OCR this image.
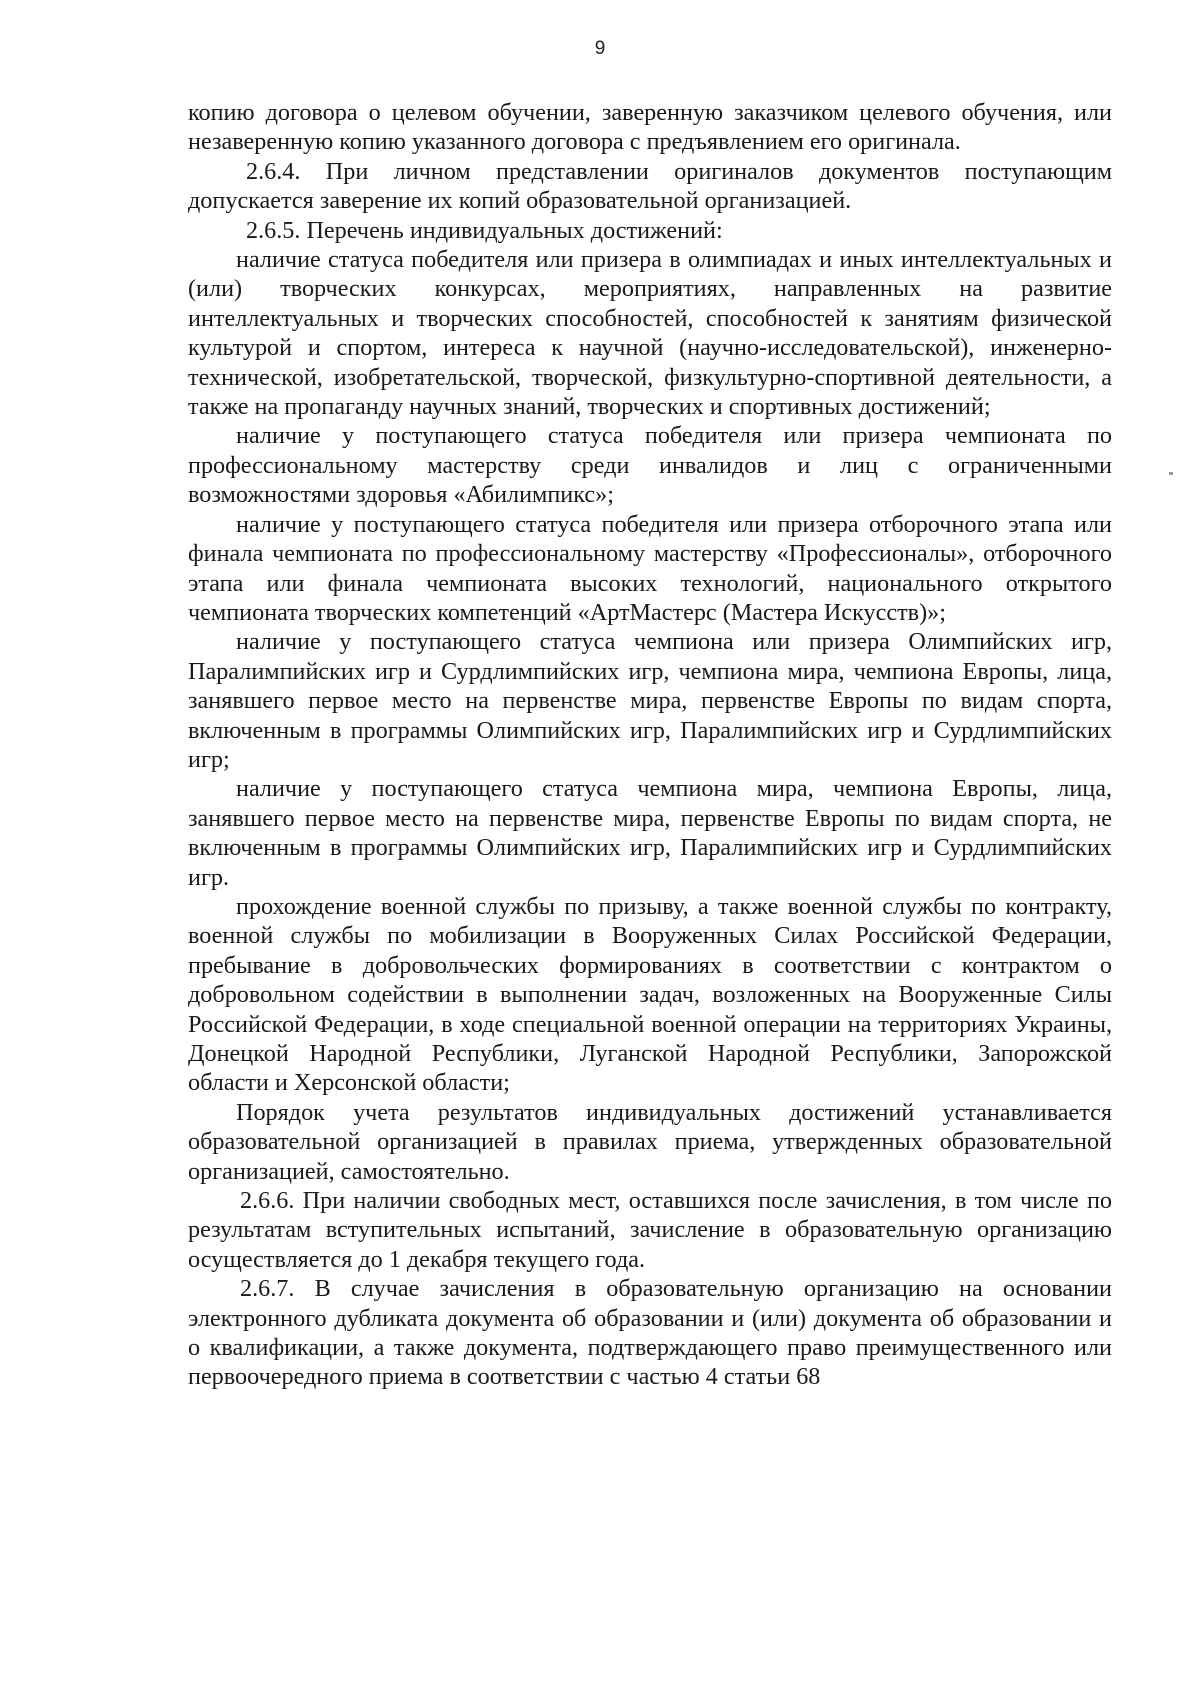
9

копию договора о целевом обучении, заверенную заказчиком целевого обучения, или незаверенную копию указанного договора с предъявлением его оригинала.

2.6.4. При личном представлении оригиналов документов поступающим допускается заверение их копий образовательной организацией.

2.6.5. Перечень индивидуальных достижений:

наличие статуса победителя или призера в олимпиадах и иных интеллектуальных и (или) творческих конкурсах, мероприятиях, направленных на развитие интеллектуальных и творческих способностей, способностей к занятиям физической культурой и спортом, интереса к научной (научно-исследовательской), инженерно-технической, изобретательской, творческой, физкультурно-спортивной деятельности, а также на пропаганду научных знаний, творческих и спортивных достижений;

наличие у поступающего статуса победителя или призера чемпионата по профессиональному мастерству среди инвалидов и лиц с ограниченными возможностями здоровья «Абилимпикс»;

наличие у поступающего статуса победителя или призера отборочного этапа или финала чемпионата по профессиональному мастерству «Профессионалы», отборочного этапа или финала чемпионата высоких технологий, национального открытого чемпионата творческих компетенций «АртМастерс (Мастера Искусств)»;

наличие у поступающего статуса чемпиона или призера Олимпийских игр, Паралимпийских игр и Сурдлимпийских игр, чемпиона мира, чемпиона Европы, лица, занявшего первое место на первенстве мира, первенстве Европы по видам спорта, включенным в программы Олимпийских игр, Паралимпийских игр и Сурдлимпийских игр;

наличие у поступающего статуса чемпиона мира, чемпиона Европы, лица, занявшего первое место на первенстве мира, первенстве Европы по видам спорта, не включенным в программы Олимпийских игр, Паралимпийских игр и Сурдлимпийских игр.

прохождение военной службы по призыву, а также военной службы по контракту, военной службы по мобилизации в Вооруженных Силах Российской Федерации, пребывание в добровольческих формированиях в соответствии с контрактом о добровольном содействии в выполнении задач, возложенных на Вооруженные Силы Российской Федерации, в ходе специальной военной операции на территориях Украины, Донецкой Народной Республики, Луганской Народной Республики, Запорожской области и Херсонской области;

Порядок учета результатов индивидуальных достижений устанавливается образовательной организацией в правилах приема, утвержденных образовательной организацией, самостоятельно.

2.6.6. При наличии свободных мест, оставшихся после зачисления, в том числе по результатам вступительных испытаний, зачисление в образовательную организацию осуществляется до 1 декабря текущего года.

2.6.7. В случае зачисления в образовательную организацию на основании электронного дубликата документа об образовании и (или) документа об образовании и о квалификации, а также документа, подтверждающего право преимущественного или первоочередного приема в соответствии с частью 4 статьи 68
